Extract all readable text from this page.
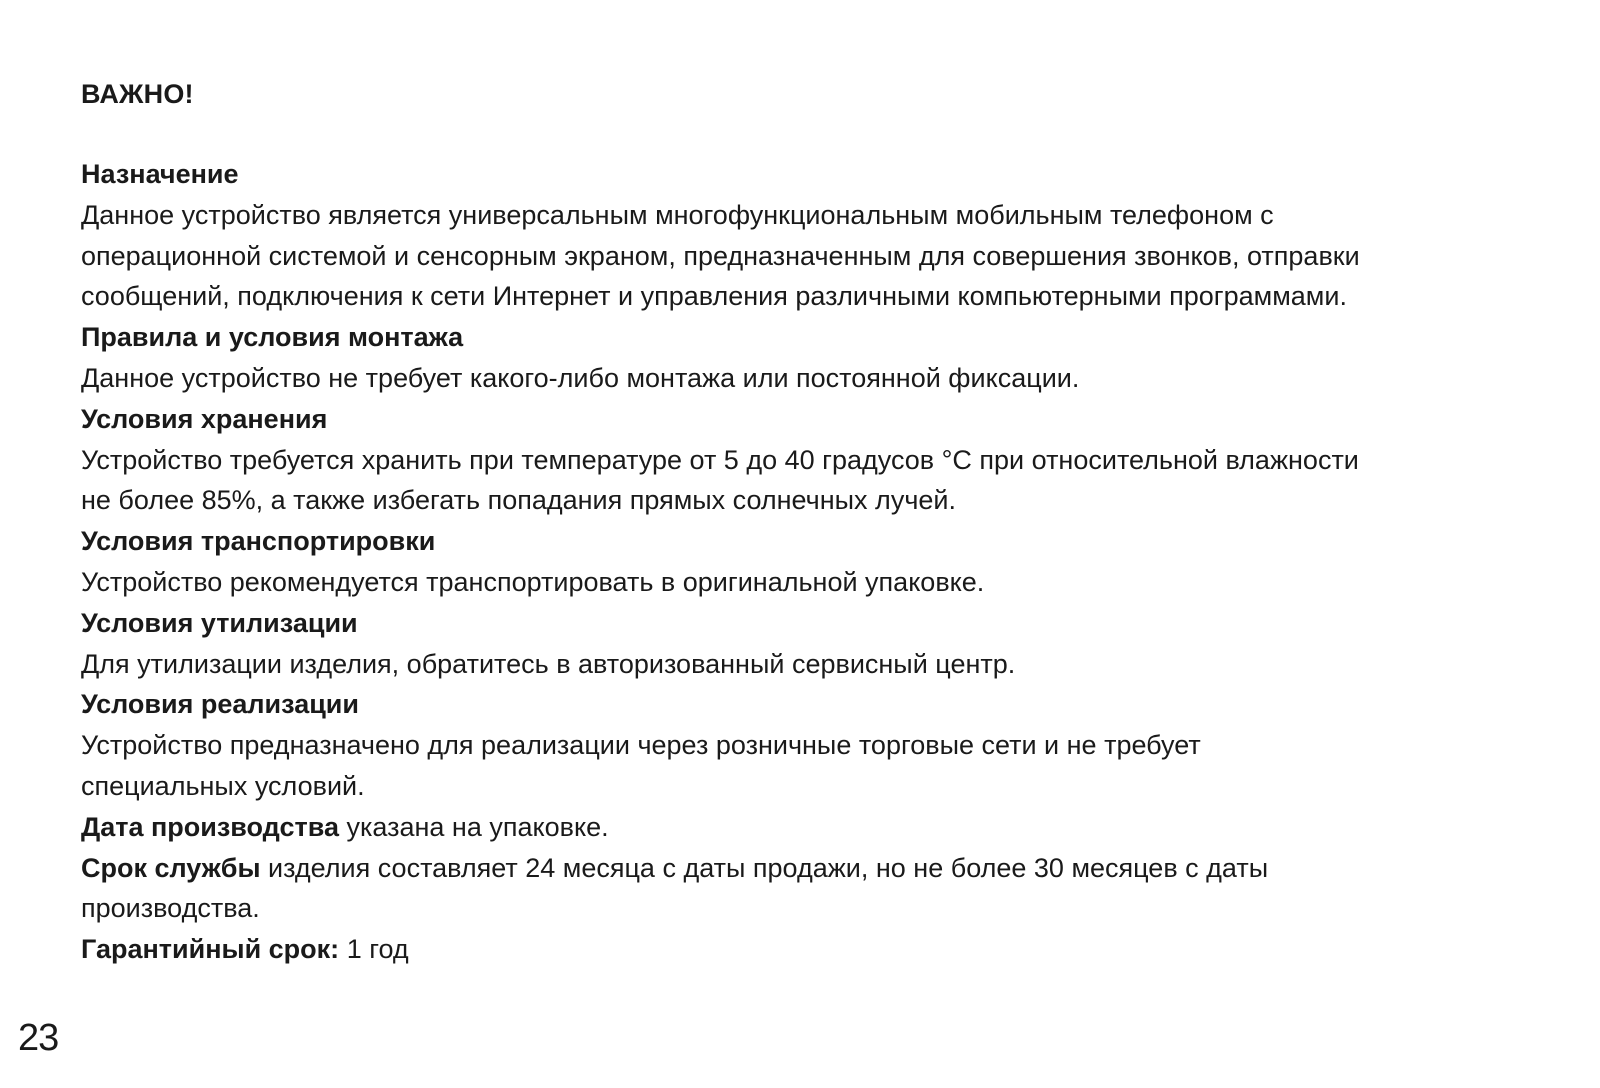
ВАЖНО!

Назначение

Данное устройство является универсальным многофункциональным мобильным телефоном с операционной системой и сенсорным экраном, предназначенным для совершения звонков, отправки сообщений, подключения к сети Интернет и управления различными компьютерными программами.

Правила и условия монтажа

Данное устройство не требует какого-либо монтажа или постоянной фиксации.

Условия хранения

Устройство требуется хранить при температуре от 5 до 40 градусов °C при относительной влажности не более 85%, а также избегать попадания прямых солнечных лучей.

Условия транспортировки

Устройство рекомендуется транспортировать в оригинальной упаковке.

Условия утилизации

Для утилизации изделия, обратитесь в авторизованный сервисный центр.

Условия реализации

Устройство предназначено для реализации через розничные торговые сети и не требует специальных условий.

Дата производства указана на упаковке.

Срок службы изделия составляет 24 месяца с даты продажи, но не более 30 месяцев с даты производства.

Гарантийный срок: 1 год

23
